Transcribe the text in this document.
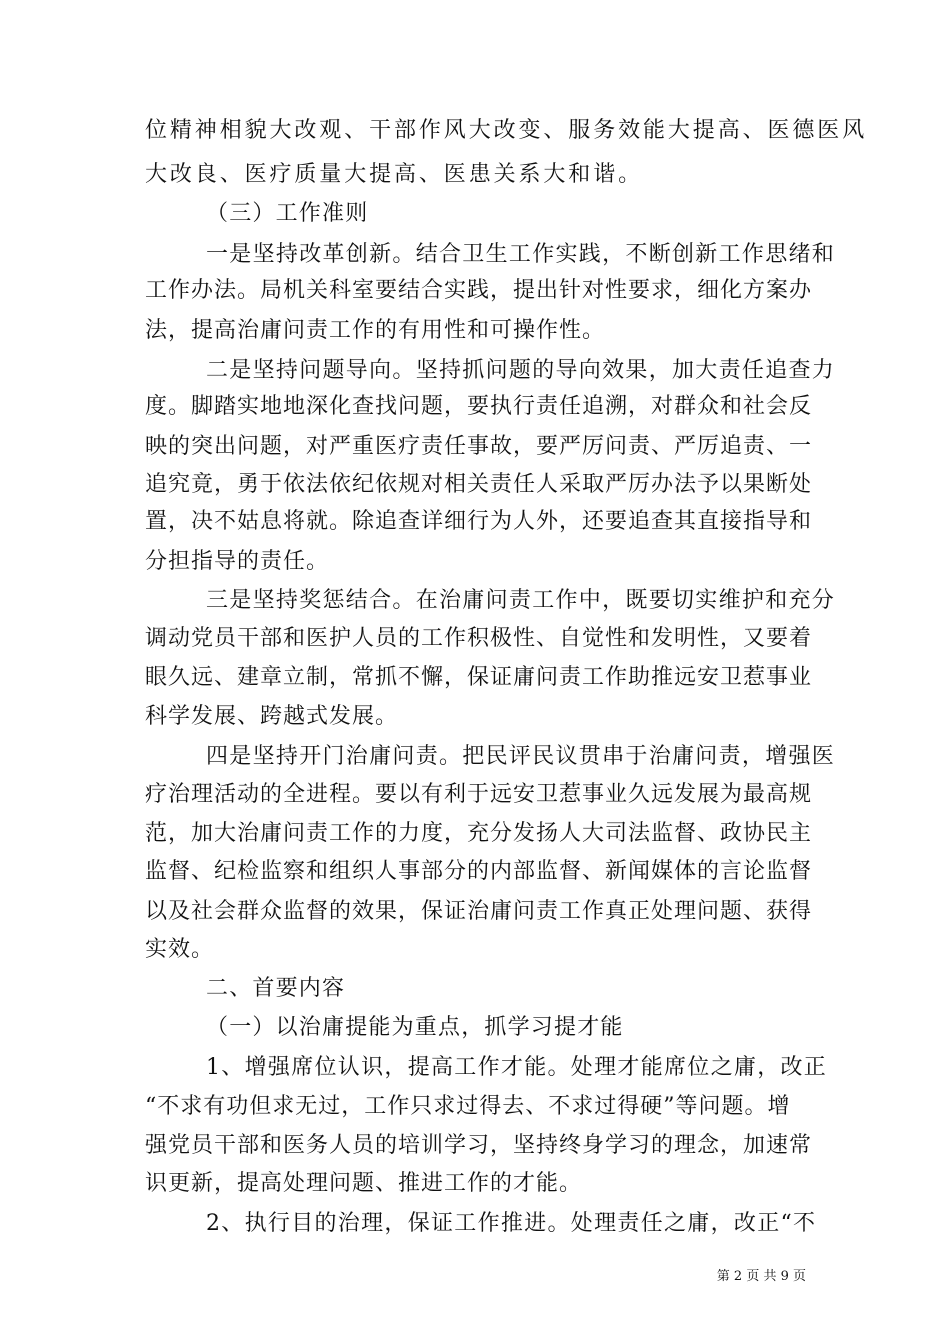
位精神相貌大改观、干部作风大改变、服务效能大提高、医德医风
大改良、医疗质量大提高、医患关系大和谐。
（三）工作准则
一是坚持改革创新。结合卫生工作实践，不断创新工作思绪和
工作办法。局机关科室要结合实践，提出针对性要求，细化方案办
法，提高治庸问责工作的有用性和可操作性。
二是坚持问题导向。坚持抓问题的导向效果，加大责任追查力
度。脚踏实地地深化查找问题，要执行责任追溯，对群众和社会反
映的突出问题，对严重医疗责任事故，要严厉问责、严厉追责、一
追究竟，勇于依法依纪依规对相关责任人采取严厉办法予以果断处
置，决不姑息将就。除追查详细行为人外，还要追查其直接指导和
分担指导的责任。
三是坚持奖惩结合。在治庸问责工作中，既要切实维护和充分
调动党员干部和医护人员的工作积极性、自觉性和发明性，又要着
眼久远、建章立制，常抓不懈，保证庸问责工作助推远安卫惹事业
科学发展、跨越式发展。
四是坚持开门治庸问责。把民评民议贯串于治庸问责，增强医
疗治理活动的全进程。要以有利于远安卫惹事业久远发展为最高规
范，加大治庸问责工作的力度，充分发扬人大司法监督、政协民主
监督、纪检监察和组织人事部分的内部监督、新闻媒体的言论监督
以及社会群众监督的效果，保证治庸问责工作真正处理问题、获得
实效。
二、首要内容
（一）以治庸提能为重点，抓学习提才能
1、增强席位认识，提高工作才能。处理才能席位之庸，改正
“不求有功但求无过，工作只求过得去、不求过得硬”等问题。增
强党员干部和医务人员的培训学习，坚持终身学习的理念，加速常
识更新，提高处理问题、推进工作的才能。
2、执行目的治理，保证工作推进。处理责任之庸，改正“不
第 2 页 共 9 页
